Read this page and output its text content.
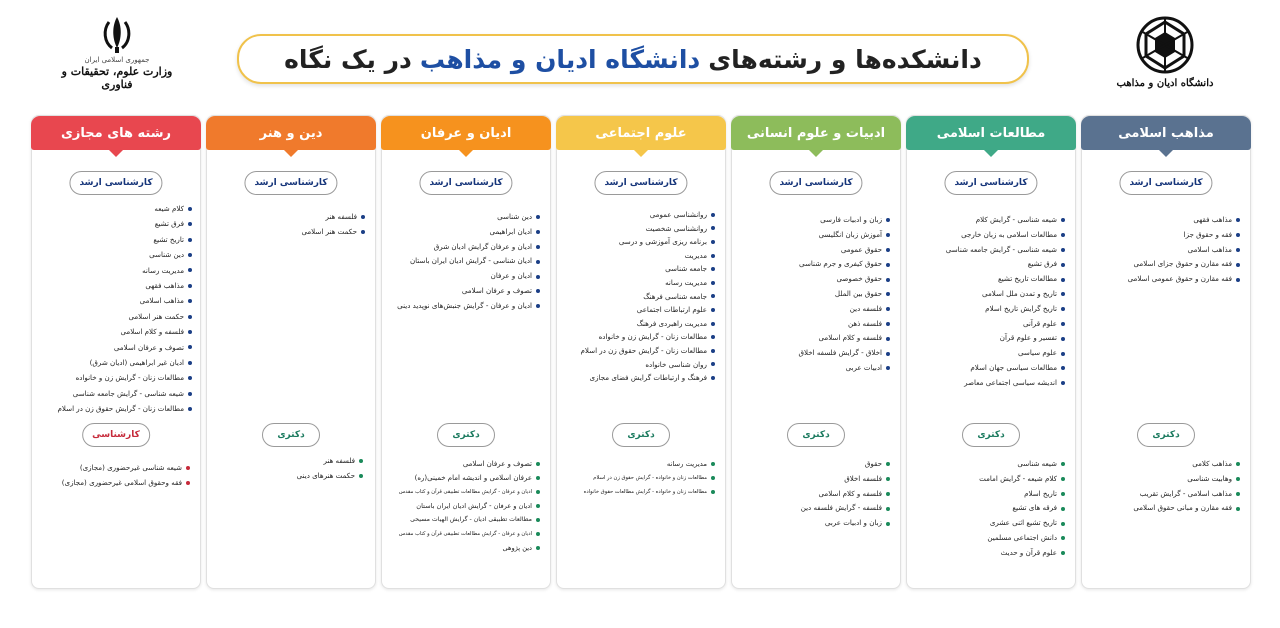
دانشگاه ادیان و مذاهب
جمهوری اسلامی ایران
وزارت علوم، تحقیقات و فناوری
دانشکده‌ها و رشته‌های
دانشگاه ادیان و مذاهب
در یک نگاه
مذاهب اسلامی
کارشناسی ارشد
مذاهب فقهی
فقه و حقوق جزا
مذاهب اسلامی
فقه مقارن و حقوق جزای اسلامی
فقه مقارن و حقوق عمومی اسلامی
دکتری
مذاهب کلامی
وهابیت شناسی
مذاهب اسلامی - گرایش تقریب
فقه مقارن و مبانی حقوق اسلامی
مطالعات اسلامی
کارشناسی ارشد
شیعه شناسی - گرایش کلام
مطالعات اسلامی به زبان خارجی
شیعه شناسی - گرایش جامعه شناسی
فرق تشیع
مطالعات تاریخ تشیع
تاریخ و تمدن ملل اسلامی
تاریخ گرایش تاریخ اسلام
علوم قرآنی
تفسیر و علوم قرآن
علوم سیاسی
مطالعات سیاسی جهان اسلام
اندیشه سیاسی اجتماعی معاصر
دکتری
شیعه شناسی
کلام شیعه - گرایش امامت
تاریخ اسلام
فرقه های تشیع
تاریخ تشیع اثنی عشری
دانش اجتماعی مسلمین
علوم قرآن و حدیث
ادبیات و علوم انسانی
کارشناسی ارشد
زبان و ادبیات فارسی
آموزش زبان انگلیسی
حقوق عمومی
حقوق کیفری و جرم شناسی
حقوق خصوصی
حقوق بین الملل
فلسفه دین
فلسفه ذهن
فلسفه و کلام اسلامی
اخلاق - گرایش فلسفه اخلاق
ادبیات عربی
دکتری
حقوق
فلسفه اخلاق
فلسفه و کلام اسلامی
فلسفه - گرایش فلسفه دین
زبان و ادبیات عربی
علوم اجتماعی
کارشناسی ارشد
روانشناسی عمومی
روانشناسی شخصیت
برنامه ریزی آموزشی و درسی
مدیریت
جامعه شناسی
مدیریت رسانه
جامعه شناسی فرهنگ
علوم ارتباطات اجتماعی
مدیریت راهبردی فرهنگ
مطالعات زنان - گرایش زن و خانواده
مطالعات زنان - گرایش حقوق زن در اسلام
روان شناسی خانواده
فرهنگ و ارتباطات گرایش فضای مجازی
دکتری
مدیریت رسانه
مطالعات زنان و خانواده - گرایش حقوق زن در اسلام
مطالعات زنان و خانواده - گرایش مطالعات حقوق خانواده
ادیان و عرفان
کارشناسی ارشد
دین شناسی
ادیان ابراهیمی
ادیان و عرفان گرایش ادیان شرق
ادیان شناسی - گرایش ادیان ایران باستان
ادیان و عرفان
تصوف و عرفان اسلامی
ادیان و عرفان - گرایش جنبش‌های نوپدید دینی
دکتری
تصوف و عرفان اسلامی
عرفان اسلامی و اندیشه امام خمینی(ره)
ادیان و عرفان - گرایش مطالعات تطبیقی قرآن و کتاب مقدس
ادیان و عرفان - گرایش ادیان ایران باستان
مطالعات تطبیقی ادیان - گرایش الهیات مسیحی
ادیان و عرفان - گرایش مطالعات تطبیقی قرآن و کتاب مقدس
دین پژوهی
دین و هنر
کارشناسی ارشد
فلسفه هنر
حکمت هنر اسلامی
دکتری
فلسفه هنر
حکمت هنرهای دینی
رشته های مجازی
کارشناسی ارشد
کلام شیعه
فرق تشیع
تاریخ تشیع
دین شناسی
مدیریت رسانه
مذاهب فقهی
مذاهب اسلامی
حکمت هنر اسلامی
فلسفه و کلام اسلامی
تصوف و عرفان اسلامی
ادیان غیر ابراهیمی (ادیان شرق)
مطالعات زنان - گرایش زن و خانواده
شیعه شناسی - گرایش جامعه شناسی
مطالعات زنان - گرایش حقوق زن در اسلام
کارشناسی
شیعه شناسی غیرحضوری (مجازی)
فقه وحقوق اسلامی غیرحضوری (مجازی)
